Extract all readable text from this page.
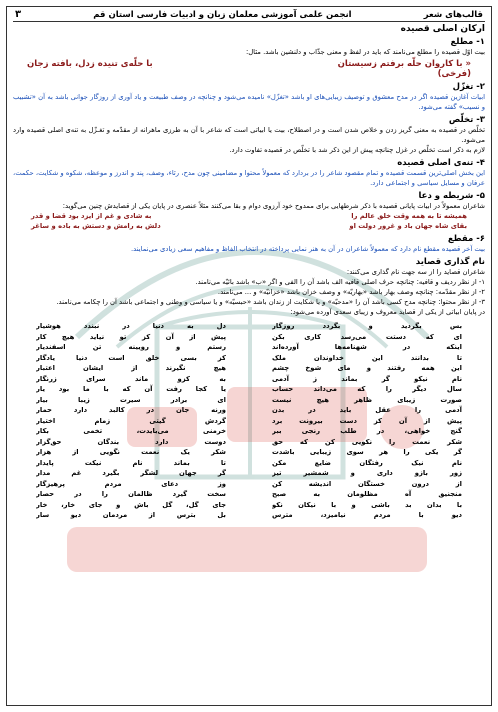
قالب‌های شعر
انجمن علمی آموزشی معلمان زبان و ادبیات فارسی استان قم
۳
ارکان اصلی قصیده
۱- مطلع
بیت اوّل قصیده را مطلع می‌نامند که باید در لفظ و معنی جذّاب و دلنشین باشد. مثال:
« با کاروان حلّه برفتم زسیستان
با حلّه‌ی تنیده زدل، بافته زجان
(فرخی)
۲- تغزّل
ابیات آغازین قصیده اگر در مدح معشوق و توصیف زیبایی‌های او باشد «تغزّل» نامیده می‌شود و چنانچه در وصف طبیعت و یاد آوری از روزگار جوانی باشد به آن «تشبیب و نسیب» گفته می‌شود.
۳- تخلّص
تخلّص در قصیده به معنی گریز زدن و خلاص شدن است و در اصطلاح، بیت یا ابیاتی است که شاعر با آن به طرزی ماهرانه از مقدّمه و تغـزّل به تنه‌ی اصلی قصیده وارد می‌شود.
لازم به ذکر است تخلّص در غزل چنانچه پیش از این ذکر شد با تخلّص در قصیده تفاوت دارد.
۴- تنه‌ی اصلی قصیده
این بخش اصلی‌ترین قسمت قصیده و تمام مقصود شاعر را در بردارد که معمولاً محتوا و مضامینی چون مدح، رثاء، وصف، پند و اندرز و موعظه، شکوه و شکایت، حکمت، عرفان و مسایل سیاسی و اجتماعی دارد.
۵- شریطه و دعا
شاعران معمولاً در ابیات پایانی قصیده با ذکر شرطهایی برای ممدوح خود آرزوی دوام و بقا می‌کنند مثلاً عنصری در پایان یکی از قصایدش چنین می‌گوید:
همیشه تا به همه وقت خلق عالم را
به شادی و غم از ایزد بود قضا و قدر
بقای شاه جهان باد و غرور دولت او
دلش به رامش و دستش به باده و ساغر
۶- مقطع
بیت آخر قصیده مقطع نام دارد که معمولاً شاعران در آن به هنر نمایی پرداخته در انتخاب الفاظ و مفاهیم سعی زیادی می‌نمایند.
نام گذاری قصاید
شاعران قصاید را از سه جهت نام گذاری می‌کنند:
۱- از نظر ردیف و قافیه: چنانچه حرف اصلی قافیه الف باشد آن را الفی و اگر «ب» باشد بائیّه می‌نامند.
۲- از نظر مقدّمه: چنانچه وصف بهار باشد «بهاریّه» و وصف خزان باشد «خزانیّه» و ... می‌نامند.
۳- از نظر محتوا: چنانچه مدح کسی باشد آن را «مدحیّه» و یا شکایت از زندان باشد «حبسیّه» و یا سیاسی و وطنی و اجتماعی باشد آن را چکامه می‌نامند.
در پایان ابیاتی از یکی از قصاید معروف و زیبای سعدی آورده می‌شود:
بس بگردید و بگردد روزگار
ای که دستت می‌رسد کاری بکن
اینکه در شهنامه‌ها آورده‌اند
تا بدانند این خداوندان ملک
این همه رفتند و مای شوخ چشم
نام نیکو گر بماند ز آدمی
سال دیگر را که می‌داند حساب
صورت زیبای ظاهر هیچ نیست
آدمی را عقل باید در بدن
پیش از آن کز دست بیرونت برد
گنج خواهی، در طلب رنجی ببر
شکر نعمت را نکویی کن که حق
گر یکی را هر سوی زیبایی باشدت
نام نیک رفتگان ضایع مکن
زور بازو داری و شمشیر تیز
از درون خستگان اندیشه کن
منجنیق آه مظلومان به صبح
با بدان بد باشی و با نیکان نکو
دیو با مردم نیامیزد، مترس
دل به دنیا در نبندد هوشیار
پیش از آن کز تو نیاید هیچ کار
رستم و رویینه تن اسفندیار
کز بسی خلق است دنیا یادگار
هیچ نگیرند از ایشان اعتبار
به کزو ماند سرای زرنگار
یا کجا رفت آن که با ما بود یار
ای برادر سیرت زیبا بیار
ورنه جان در کالبد دارد حمار
گردش گیتی زمام اختیار
خرمنی می‌بایدت، تخمی بکار
دوست دارد بندگان حق‌گزار
شکر یک نعمت نگویی از هزار
تا بماند نام نیکت پایدار
گر جهان لشگر بگیرد غم مدار
وز دعای مردم پرهیزگار
سخت گیرد ظالمان را در حصار
جای گل، گل باش و جای خار، خار
بل بترس از مردمان دیو سار
